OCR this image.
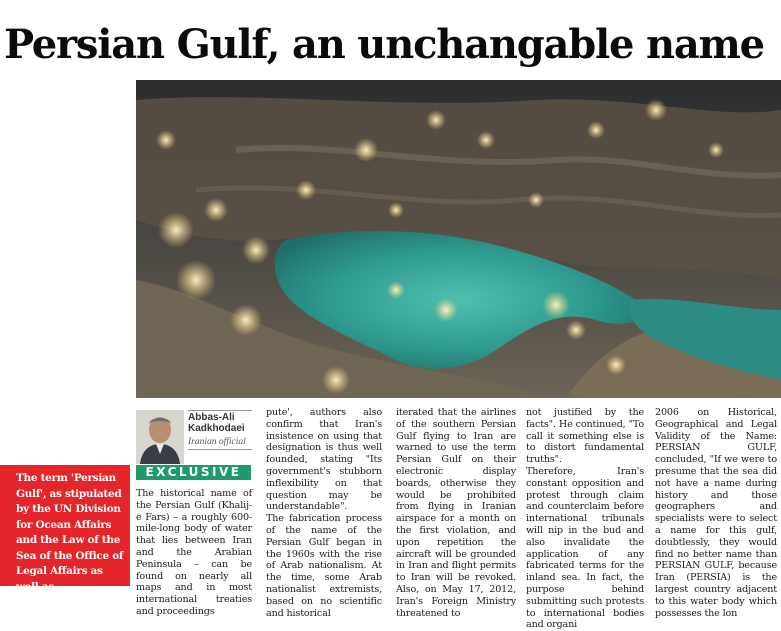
Persian Gulf, an unchangable name

The term 'Persian Gulf', as stipulated by the UN Division for Ocean Affairs and the Law of the Sea of the Office of Legal Affairs as well as

Abbas-Ali Kadkhodaei
Iranian official
EXCLUSIVE

The historical name of the Persian Gulf (Khalij-e Fars) – a roughly 600-mile-long body of water that lies between Iran and the Arabian Peninsula – can be found on nearly all maps and in most international treaties and proceedings

pute', authors also confirm that Iran's insistence on using that designation is thus well founded, stating "Its government's stubborn inflexibility on that question may be understandable".

The fabrication process of the name of the Persian Gulf began in the 1960s with the rise of Arab nationalism. At the time, some Arab nationalist extremists, based on no scientific and historical

iterated that the airlines of the southern Persian Gulf flying to Iran are warned to use the term Persian Gulf on their electronic display boards, otherwise they would be prohibited from flying in Iranian airspace for a month on the first violation, and upon repetition the aircraft will be grounded in Iran and flight permits to Iran will be revoked. Also, on May 17, 2012, Iran's Foreign Ministry threatened to

not justified by the facts". He continued, "To call it something else is to distort fundamental truths".

Therefore, Iran's constant opposition and protest through claim and counterclaim before international tribunals will nip in the bud and also invalidate the application of any fabricated terms for the inland sea. In fact, the purpose behind submitting such protests to international bodies and organi

2006 on Historical, Geographical and Legal Validity of the Name: PERSIAN GULF, concluded, "If we were to presume that the sea did not have a name during history and those geographers and specialists were to select a name for this gulf, doubtlessly, they would find no better name than PERSIAN GULF, because Iran (PERSIA) is the largest country adjacent to this water body which possesses the lon
